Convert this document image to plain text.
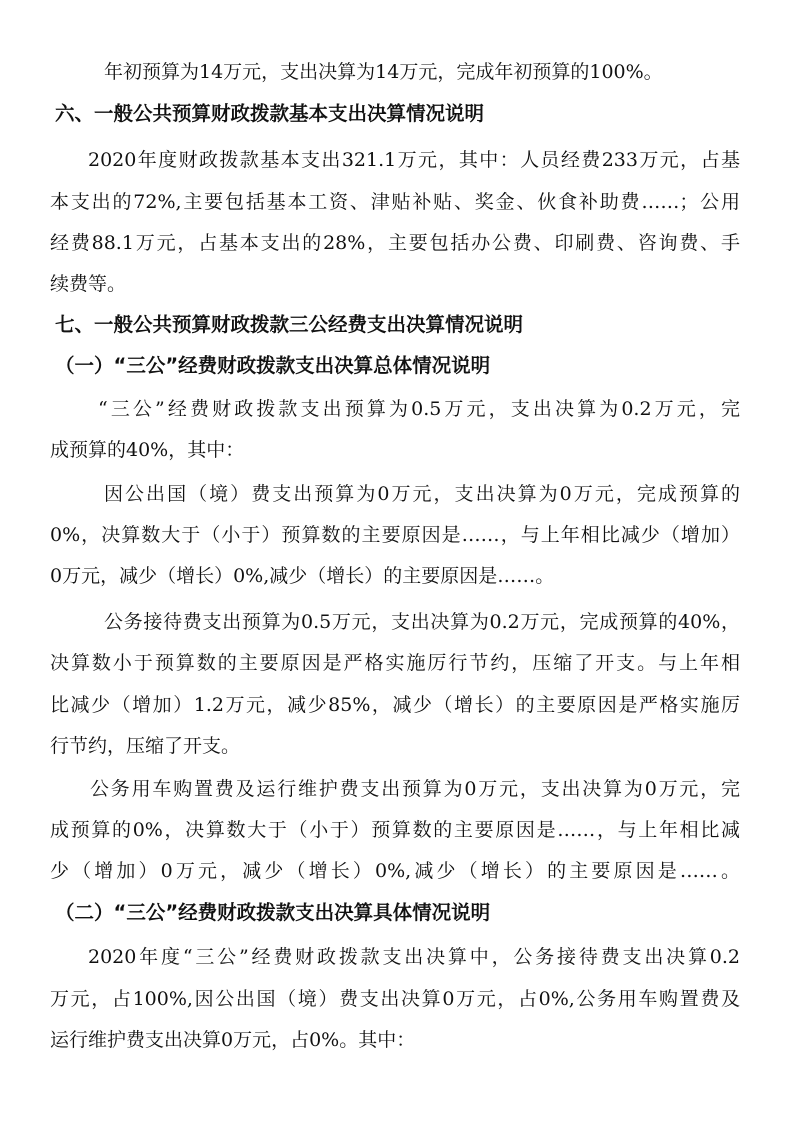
年初预算为14万元，支出决算为14万元，完成年初预算的100%。

六、一般公共预算财政拨款基本支出决算情况说明

2020年度财政拨款基本支出321.1万元，其中：人员经费233万元，占基

本支出的72%,主要包括基本工资、津贴补贴、奖金、伙食补助费……；公用

经费88.1万元，占基本支出的28%，主要包括办公费、印刷费、咨询费、手

续费等。

七、一般公共预算财政拨款三公经费支出决算情况说明
（一）“三公”经费财政拨款支出决算总体情况说明

“三公”经费财政拨款支出预算为0.5万元，支出决算为0.2万元，完

成预算的40%，其中：

因公出国（境）费支出预算为0万元，支出决算为0万元，完成预算的

0%，决算数大于（小于）预算数的主要原因是……，与上年相比减少（增加）

0万元，减少（增长）0%,减少（增长）的主要原因是……。

公务接待费支出预算为0.5万元，支出决算为0.2万元，完成预算的40%，

决算数小于预算数的主要原因是严格实施厉行节约，压缩了开支。与上年相

比减少（增加）1.2万元，减少85%，减少（增长）的主要原因是严格实施厉

行节约，压缩了开支。

公务用车购置费及运行维护费支出预算为0万元，支出决算为0万元，完

成预算的0%，决算数大于（小于）预算数的主要原因是……，与上年相比减

少（增加）0万元，减少（增长）0%,减少（增长）的主要原因是……。

（二）“三公”经费财政拨款支出决算具体情况说明

2020年度“三公”经费财政拨款支出决算中，公务接待费支出决算0.2

万元，占100%,因公出国（境）费支出决算0万元，占0%,公务用车购置费及

运行维护费支出决算0万元，占0%。其中：
